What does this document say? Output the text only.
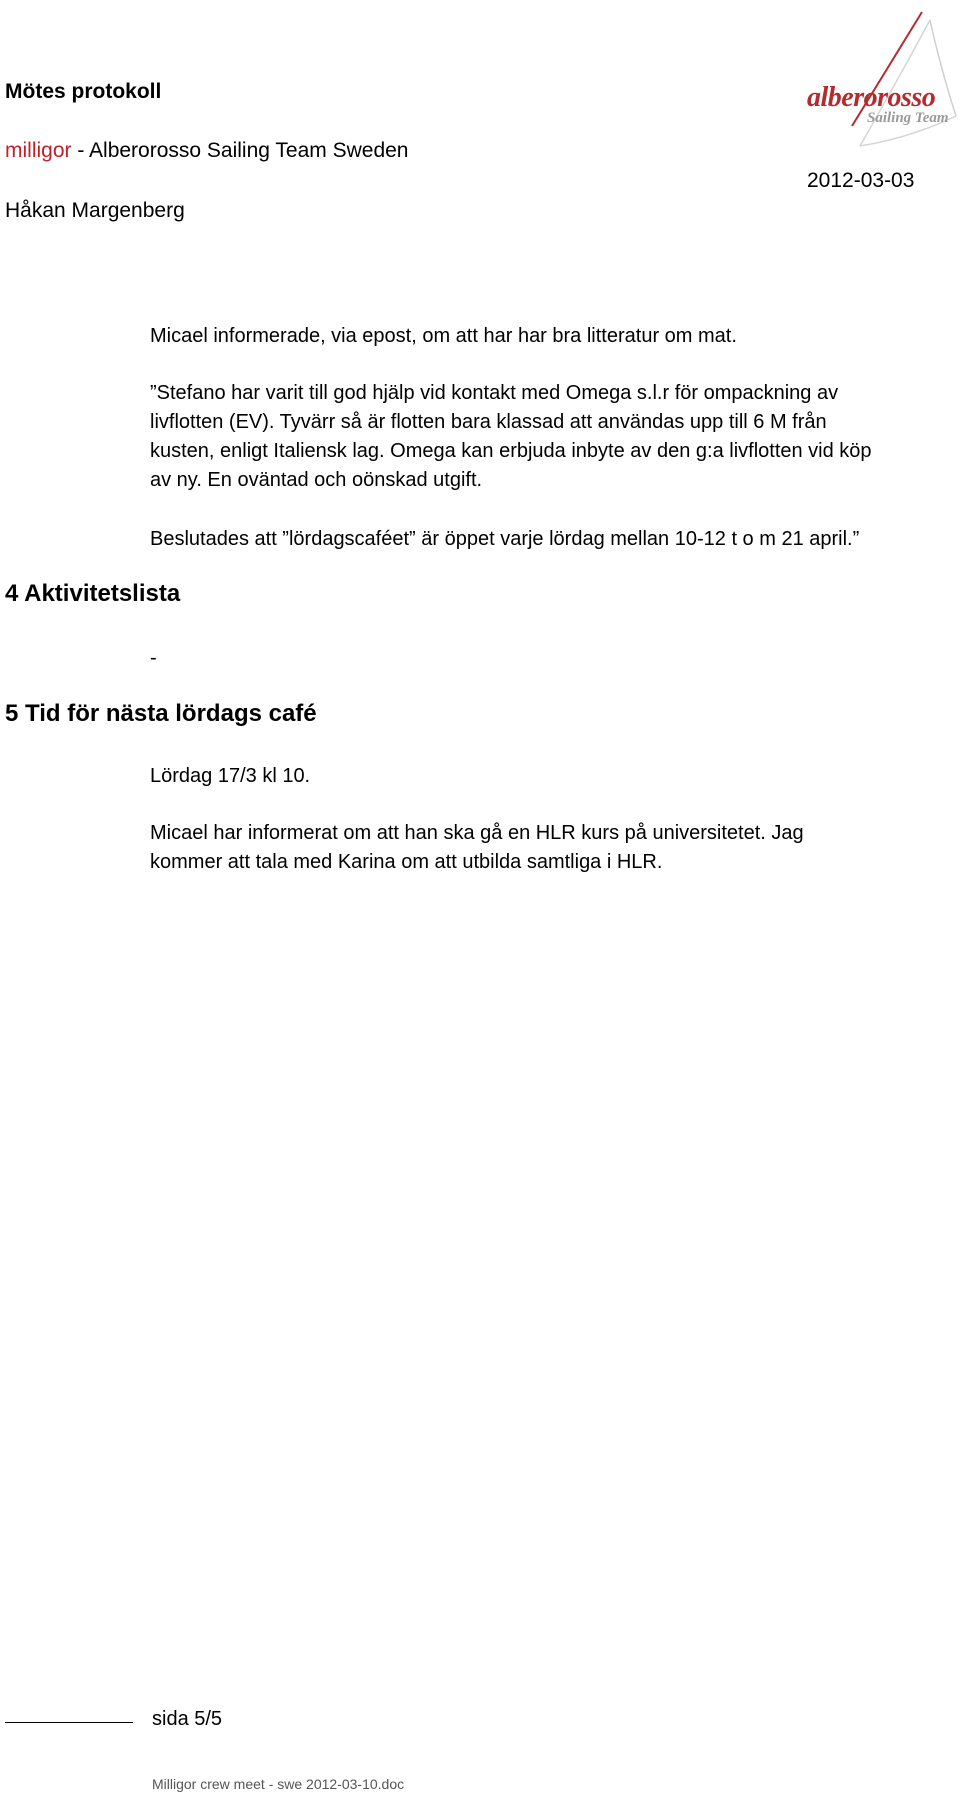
Mötes protokoll
milligor - Alberorosso Sailing Team Sweden
Håkan Margenberg
2012-03-03
alberorosso
Sailing Team
Micael informerade, via epost, om att har har bra litteratur om mat.
”Stefano har varit till god hjälp vid kontakt med Omega s.l.r för ompackning av
livflotten (EV). Tyvärr så är flotten bara klassad att användas upp till 6 M från
kusten, enligt Italiensk lag. Omega kan erbjuda inbyte av den g:a livflotten vid köp
av ny. En oväntad och oönskad utgift.
Beslutades att ”lördagscaféet” är öppet varje lördag mellan 10-12 t o m 21 april.”
4 Aktivitetslista
-
5 Tid för nästa lördags café
Lördag 17/3 kl 10.
Micael har informerat om att han ska gå en HLR kurs på universitetet. Jag
kommer att tala med Karina om att utbilda samtliga i HLR.
sida 5/5
Milligor crew meet - swe 2012-03-10.doc
